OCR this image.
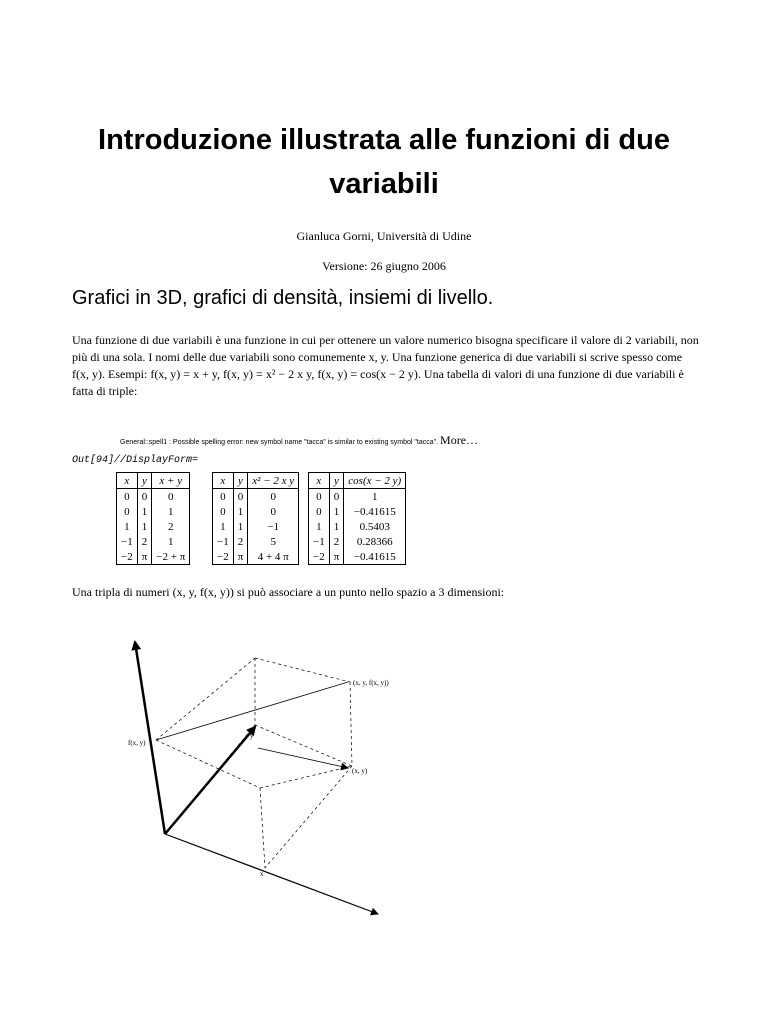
Introduzione illustrata alle funzioni di due variabili
Gianluca Gorni, Università di Udine
Versione: 26 giugno 2006
Grafici in 3D, grafici di densità, insiemi di livello.
Una funzione di due variabili è una funzione in cui per ottenere un valore numerico bisogna specificare il valore di 2 variabili, non più di una sola. I nomi delle due variabili sono comunemente x, y. Una funzione generica di due variabili si scrive spesso come f(x, y). Esempi: f(x, y) = x + y, f(x, y) = x² − 2 x y, f(x, y) = cos(x − 2 y). Una tabella di valori di una funzione di due variabili è fatta di triple:
General::spell1 : Possible spelling error: new symbol name "tacca" is similar to existing symbol "tacca". More…
Out[94]//DisplayForm=
x	y	x + y
0	0	0
0	1	1
1	1	2
−1	2	1
−2	π	−2 + π
x	y	x² − 2 x y
0	0	0
0	1	0
1	1	−1
−1	2	5
−2	π	4 + 4 π
x	y	cos(x − 2 y)
0	0	1
0	1	−0.41615
1	1	0.5403
−1	2	0.28366
−2	π	−0.41615
Una tripla di numeri (x, y, f(x, y)) si può associare a un punto nello spazio a 3 dimensioni:
(x, y, f(x, y))
f(x, y)
(x, y)
x
y
